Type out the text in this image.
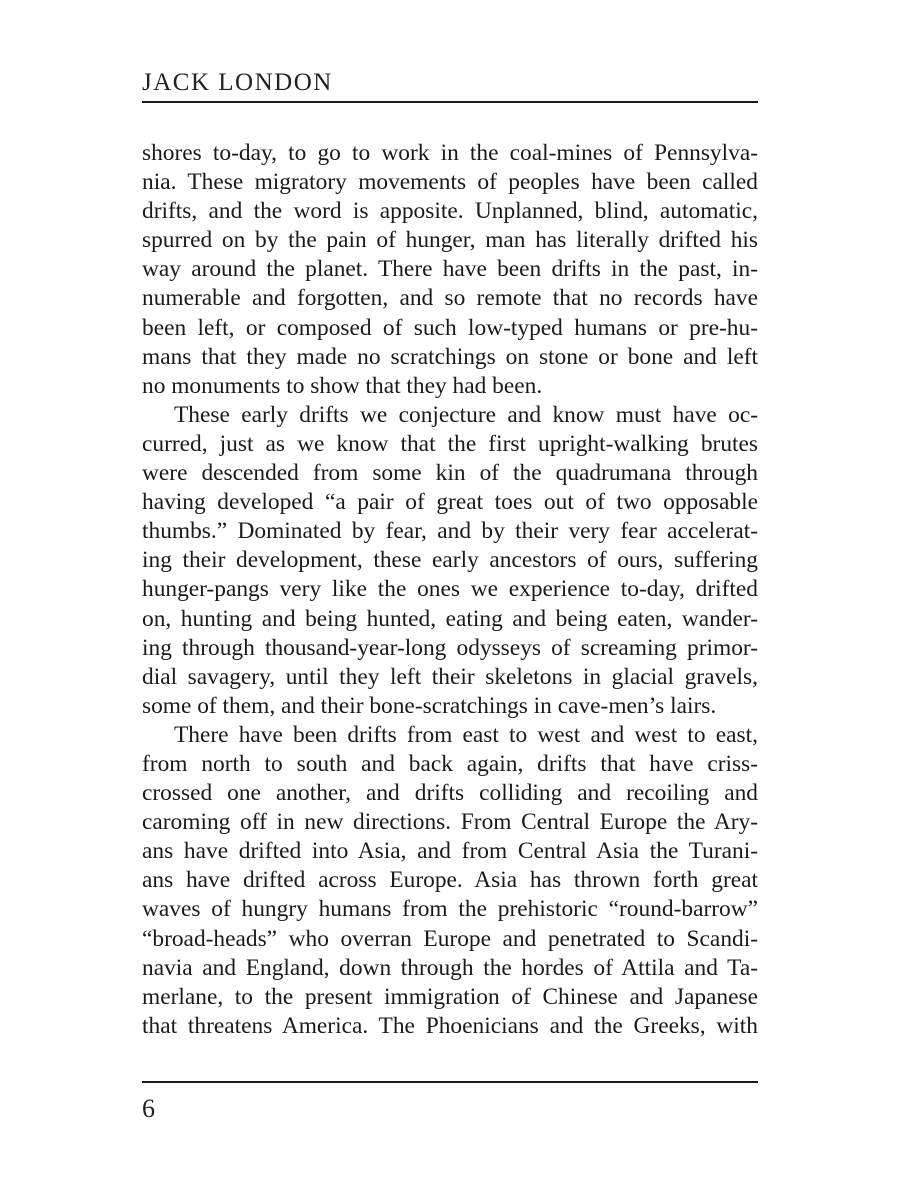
JACK LONDON
shores to-day, to go to work in the coal-mines of Pennsylva-
nia. These migratory movements of peoples have been called
drifts, and the word is apposite. Unplanned, blind, automatic,
spurred on by the pain of hunger, man has literally drifted his
way around the planet. There have been drifts in the past, in-
numerable and forgotten, and so remote that no records have
been left, or composed of such low-typed humans or pre-hu-
mans that they made no scratchings on stone or bone and left
no monuments to show that they had been.
These early drifts we conjecture and know must have oc-
curred, just as we know that the first upright-walking brutes
were descended from some kin of the quadrumana through
having developed “a pair of great toes out of two opposable
thumbs.” Dominated by fear, and by their very fear accelerat-
ing their development, these early ancestors of ours, suffering
hunger-pangs very like the ones we experience to-day, drifted
on, hunting and being hunted, eating and being eaten, wander-
ing through thousand-year-long odysseys of screaming primor-
dial savagery, until they left their skeletons in glacial gravels,
some of them, and their bone-scratchings in cave-men’s lairs.
There have been drifts from east to west and west to east,
from north to south and back again, drifts that have criss-
crossed one another, and drifts colliding and recoiling and
caroming off in new directions. From Central Europe the Ary-
ans have drifted into Asia, and from Central Asia the Turani-
ans have drifted across Europe. Asia has thrown forth great
waves of hungry humans from the prehistoric “round-barrow”
“broad-heads” who overran Europe and penetrated to Scandi-
navia and England, down through the hordes of Attila and Ta-
merlane, to the present immigration of Chinese and Japanese
that threatens America. The Phoenicians and the Greeks, with
6
